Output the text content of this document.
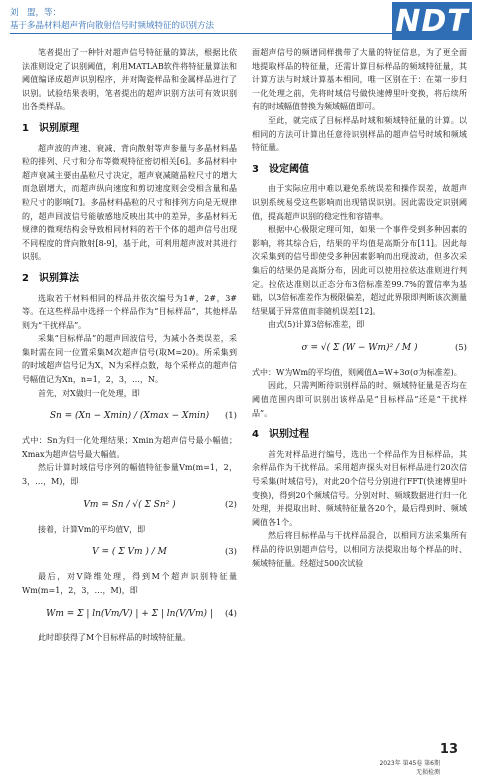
刘　盟，等：
基于多晶材料超声背向散射信号时频域特征的识别方法	NDT

笔者提出了一种针对超声信号特征量的算法，根据比依法准则设定了识别阈值，利用MATLAB软件将特征量算法和阈值编译成超声识别程序，并对陶瓷样品和金属样品进行了识别。试验结果表明，笔者提出的超声识别方法可有效识别出各类样品。

1　识别原理

超声波的声速、衰减、背向散射等声参量与多晶材料晶粒的排列、尺寸和分布等微观特征密切相关[6]。多晶材料中超声衰减主要由晶粒尺寸决定，超声衰减随晶粒尺寸的增大而急剧增大，而超声纵向速度和剪切速度则会受相含量和晶粒尺寸的影响[7]。多晶材料晶粒的尺寸和排列方向是无规律的，超声回波信号能敏感地反映出其中的差异，多晶材料无规律的微观结构会导致相同材料的若干个体的超声信号出现不同程度的背向散射[8-9]，基于此，可利用超声波对其进行识别。

2　识别算法

选取若干材料相同的样品并依次编号为1#，2#，3#等。在这些样品中选择一个样品作为“目标样品”，其他样品则为“干扰样品”。

采集“目标样品”的超声回波信号，为减小各类误差，采集时需在同一位置采集M次超声信号(取M=20)。所采集到的时域超声信号记为X，N为采样点数，每个采样点的超声信号幅值记为Xn，n=1，2，3，…，N。

首先，对X做归一化处理，即

Sn = (Xn − Xmin) / (Xmax − Xmin) (1)

式中：Sn为归一化处理结果；Xmin为超声信号最小幅值；Xmax为超声信号最大幅值。

然后计算时域信号序列的幅值特征参量Vm(m=1，2，3，…，M)，即

Vm = Sn / √( Σ Sn² )	(2)

接着，计算Vm的平均值V，即

V = ( Σ Vm ) / M	(3)

最后，对V降维处理，得到M个超声识别特征量Wm(m=1，2，3，…，M)，即

Wm = Σ | ln(Vm/V) | + Σ | ln(V/Vm) | (4)

此时即获得了M个目标样品的时域特征量。

面超声信号的频谱同样携带了大量的特征信息，为了更全面地提取样品的特征量，还需计算目标样品的频域特征量，其计算方法与时域计算基本相同，唯一区别在于：在第一步归一化处理之前，先将时域信号做快速傅里叶变换，将后续所有的时域幅值替换为频域幅值即可。

至此，就完成了目标样品时域和频域特征量的计算。以相同的方法可计算出任意待识别样品的超声信号时域和频域特征量。

3　设定阈值

由于实际应用中难以避免系统误差和操作误差，故超声识别系统易受这些影响而出现错误识别。因此需设定识别阈值，提高超声识别的稳定性和容错率。

根据中心极限定理可知，如果一个事件受到多种因素的影响，将其综合后，结果的平均值是高斯分布[11]。因此每次采集到的信号即使受多种因素影响而出现波动，但多次采集后的结果仍是高斯分布，因此可以使用拉依达准则进行判定。拉依达准则以正态分布3倍标准差99.7%的置信率为基础，以3倍标准差作为极限偏差，超过此界限即判断该次测量结果属于异常值而非随机误差[12]。

由式(5)计算3倍标准差，即

σ = √( Σ (W − Wm)² / M )	(5)

式中：W为Wm的平均值，则阈值Δ=W+3σ(σ为标准差)。

因此，只需判断待识别样品的时、频域特征量是否均在阈值范围内即可识别出该样品是“目标样品”还是“干扰样品”。

4　识别过程

首先对样品进行编号，选出一个样品作为目标样品，其余样品作为干扰样品。采用超声探头对目标样品进行20次信号采集(时域信号)，对此20个信号分别进行FFT(快速傅里叶变换)，得到20个频域信号。分别对时、频域数据进行归一化处理，并提取出时、频域特征量各20个，最后得到时、频域阈值各1个。

然后将目标样品与干扰样品混合，以相同方法采集所有样品的待识别超声信号，以相同方法提取出每个样品的时、频域特征量。经超过500次试验

13
2023年 第45卷 第6期
无损检测
